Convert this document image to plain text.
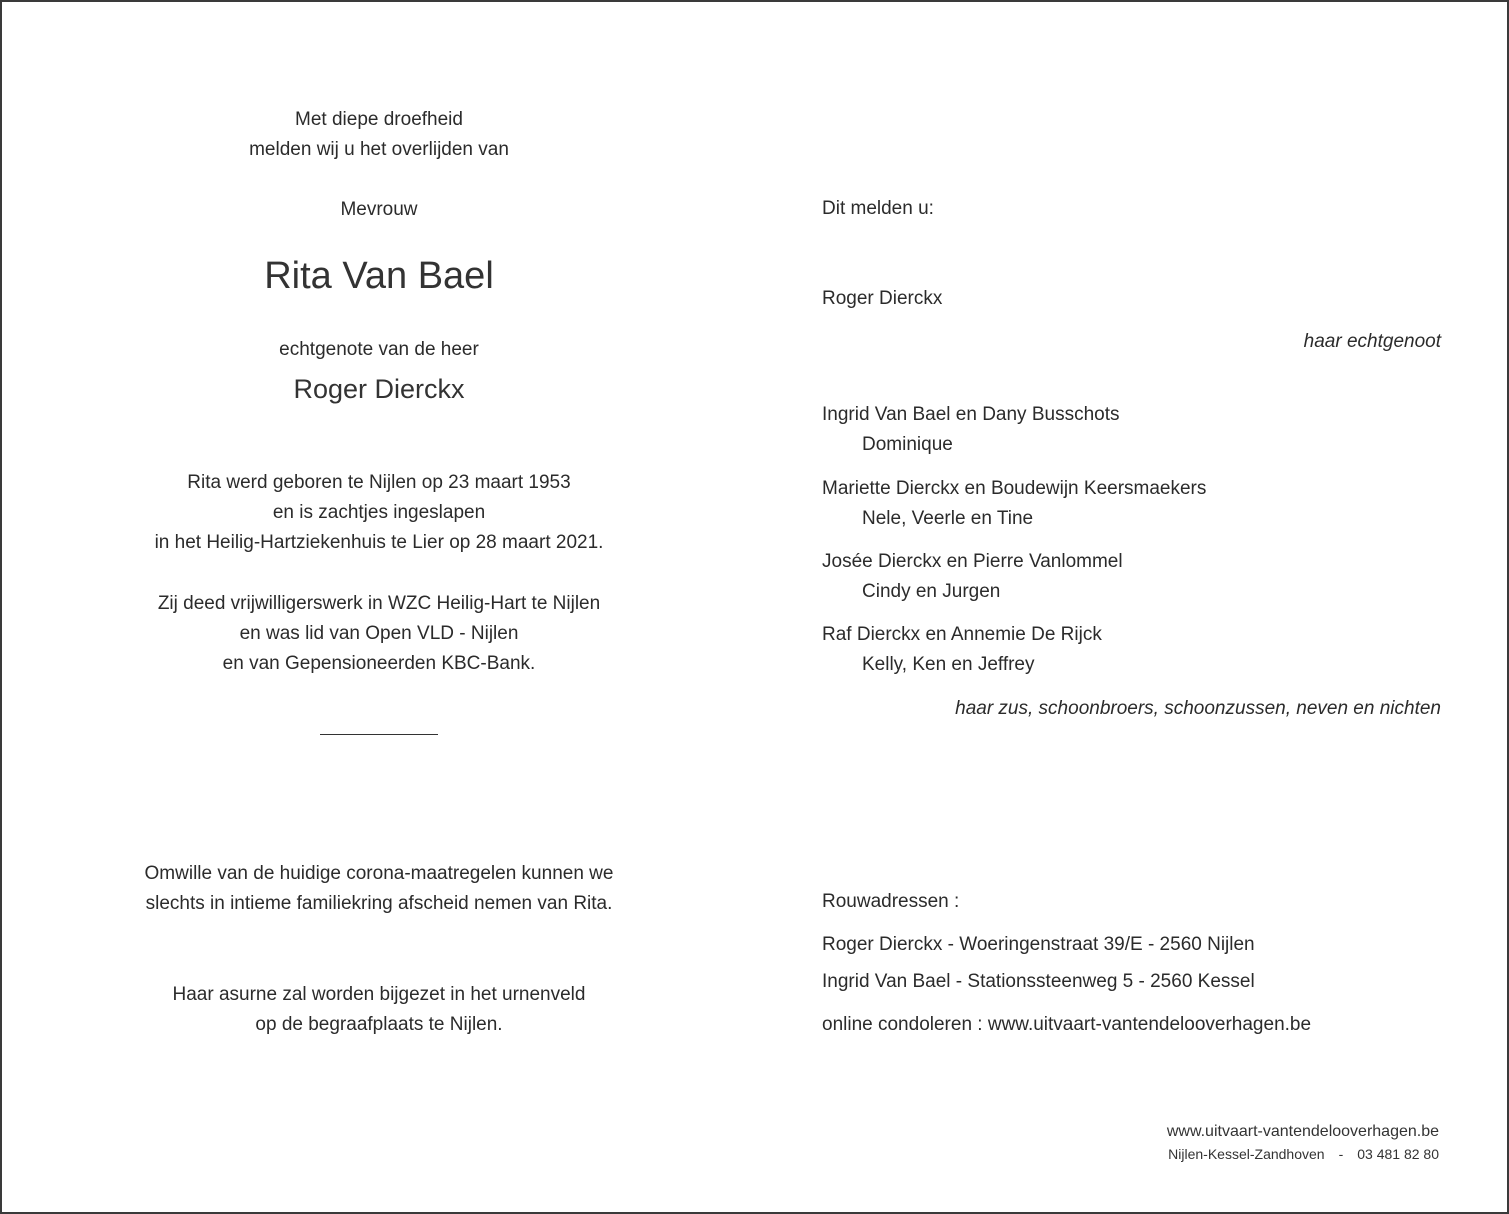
Met diepe droefheid
melden wij u het overlijden van
Mevrouw
Rita Van Bael
echtgenote van de heer
Roger Dierckx
Rita werd geboren te Nijlen op 23 maart 1953
en is zachtjes ingeslapen
in het Heilig-Hartziekenhuis te Lier op 28 maart 2021.
Zij deed vrijwilligerswerk in WZC Heilig-Hart te Nijlen
en was lid van Open VLD - Nijlen
en van Gepensioneerden KBC-Bank.
Omwille van de huidige corona-maatregelen kunnen we
slechts in intieme familiekring afscheid nemen van Rita.
Haar asurne zal worden bijgezet in het urnenveld
op de begraafplaats te Nijlen.
Dit melden u:
Roger Dierckx
haar echtgenoot
Ingrid Van Bael en Dany Busschots
Dominique
Mariette Dierckx en Boudewijn Keersmaekers
Nele, Veerle en Tine
Josée Dierckx en Pierre Vanlommel
Cindy en Jurgen
Raf Dierckx en Annemie De Rijck
Kelly, Ken en Jeffrey
haar zus, schoonbroers, schoonzussen, neven en nichten
Rouwadressen :
Roger Dierckx - Woeringenstraat 39/E - 2560 Nijlen
Ingrid Van Bael - Stationssteenweg 5 - 2560 Kessel
online condoleren : www.uitvaart-vantendelooverhagen.be
www.uitvaart-vantendelooverhagen.be
Nijlen-Kessel-Zandhoven - 03 481 82 80
